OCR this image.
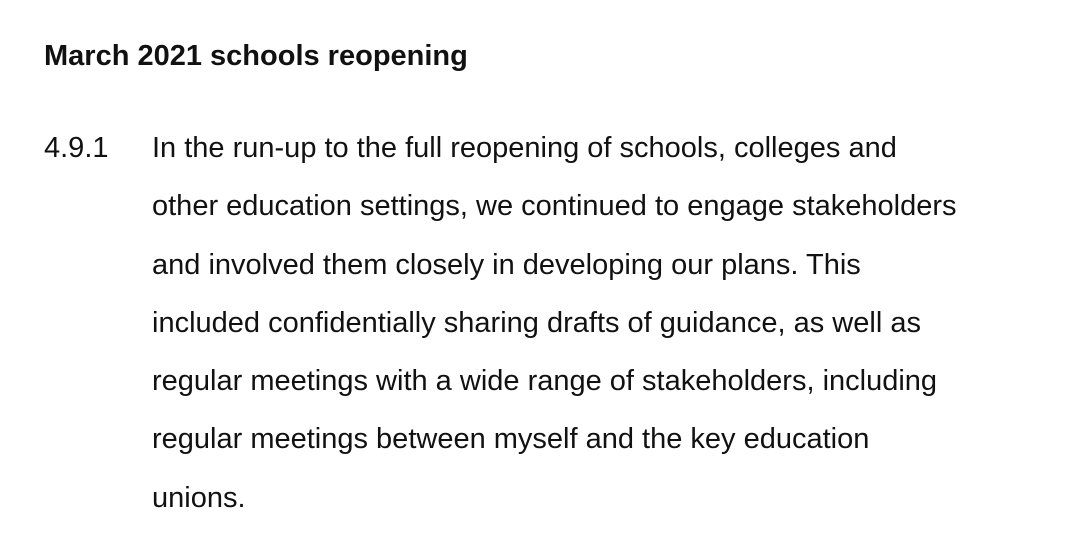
March 2021 schools reopening
4.9.1 In the run-up to the full reopening of schools, colleges and
other education settings, we continued to engage stakeholders
and involved them closely in developing our plans. This
included confidentially sharing drafts of guidance, as well as
regular meetings with a wide range of stakeholders, including
regular meetings between myself and the key education
unions.
